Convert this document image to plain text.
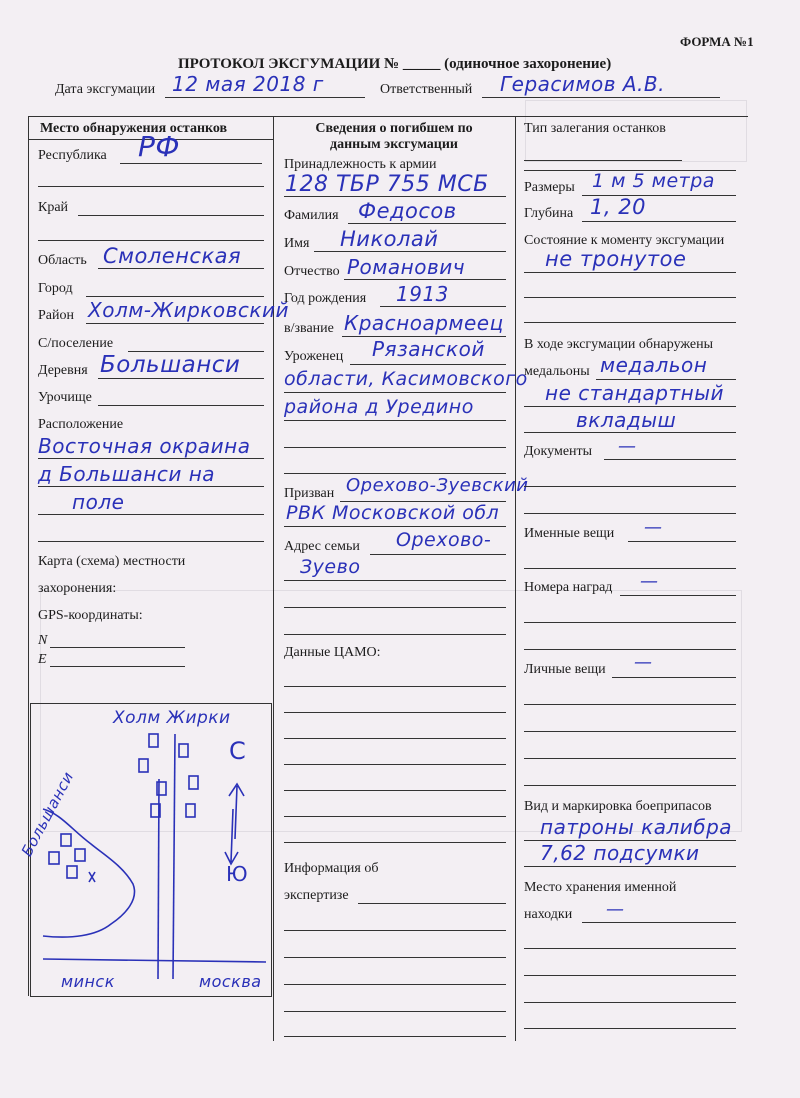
ФОРМА №1
ПРОТОКОЛ ЭКСГУМАЦИИ № _____ (одиночное захоронение)
Дата эксгумации 12 мая 2018 г	Ответственный Герасимов А.В.
Место обнаружения останков
Республика РФ
Край
Область Смоленская
Город
Район Холм-Жирковский
С/поселение
Деревня Большанси
Урочище
Расположение
Восточная окраина
д Большанси на
поле
Карта (схема) местности
захоронения:
GPS-координаты:
N
E
Холм Жирки
Большанси
С
Ю
минск	москва
Сведения о погибшем по
данным эксгумации
Принадлежность к армии
128 ТБР 755 МСБ
Фамилия Федосов
Имя Николай
Отчество Романович
Год рождения 1913
в/звание Красноармеец
Уроженец Рязанской
области, Касимовского
района д Уредино
Призван Орехово-Зуевский
РВК Московской обл
Адрес семьи Орехово-
Зуево
Данные ЦАМО:
Информация об
экспертизе
Тип залегания останков
Размеры 1 м 5 метра
Глубина 1, 20
Состояние к моменту эксгумации
не тронутое
В ходе эксгумации обнаружены
медальоны медальон
не стандартный
вкладыш
Документы —
Именные вещи —
Номера наград —
Личные вещи —
Вид и маркировка боеприпасов
патроны калибра
7,62 подсумки
Место хранения именной
находки —
